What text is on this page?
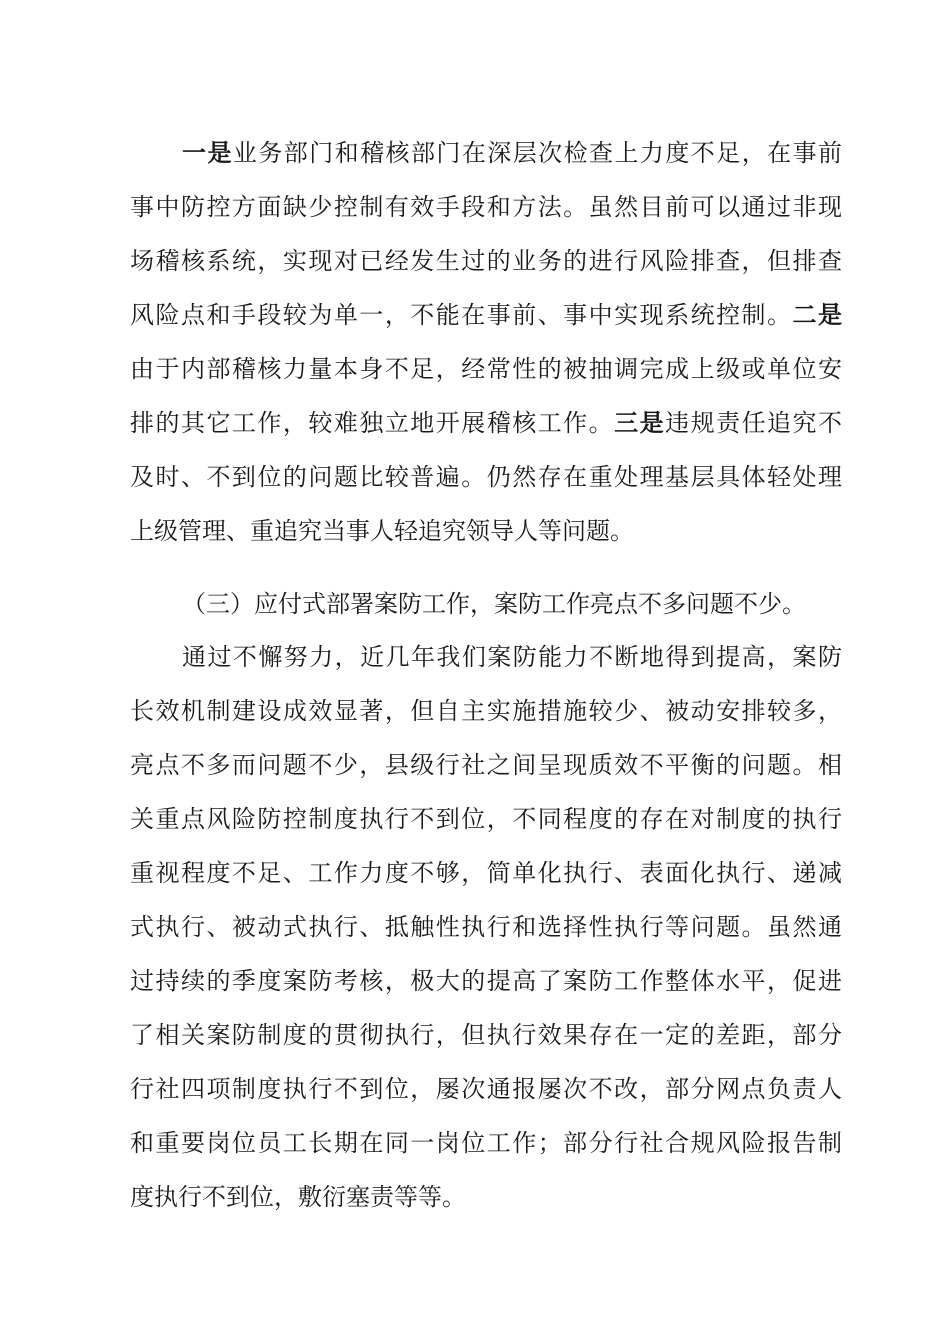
一是业务部门和稽核部门在深层次检查上力度不足，在事前
事中防控方面缺少控制有效手段和方法。虽然目前可以通过非现
场稽核系统，实现对已经发生过的业务的进行风险排查，但排查
风险点和手段较为单一，不能在事前、事中实现系统控制。二是
由于内部稽核力量本身不足，经常性的被抽调完成上级或单位安
排的其它工作，较难独立地开展稽核工作。三是违规责任追究不
及时、不到位的问题比较普遍。仍然存在重处理基层具体轻处理
上级管理、重追究当事人轻追究领导人等问题。
（三）应付式部署案防工作，案防工作亮点不多问题不少。
通过不懈努力，近几年我们案防能力不断地得到提高，案防
长效机制建设成效显著，但自主实施措施较少、被动安排较多，
亮点不多而问题不少，县级行社之间呈现质效不平衡的问题。相
关重点风险防控制度执行不到位，不同程度的存在对制度的执行
重视程度不足、工作力度不够，简单化执行、表面化执行、递减
式执行、被动式执行、抵触性执行和选择性执行等问题。虽然通
过持续的季度案防考核，极大的提高了案防工作整体水平，促进
了相关案防制度的贯彻执行，但执行效果存在一定的差距，部分
行社四项制度执行不到位，屡次通报屡次不改，部分网点负责人
和重要岗位员工长期在同一岗位工作；部分行社合规风险报告制
度执行不到位，敷衍塞责等等。
